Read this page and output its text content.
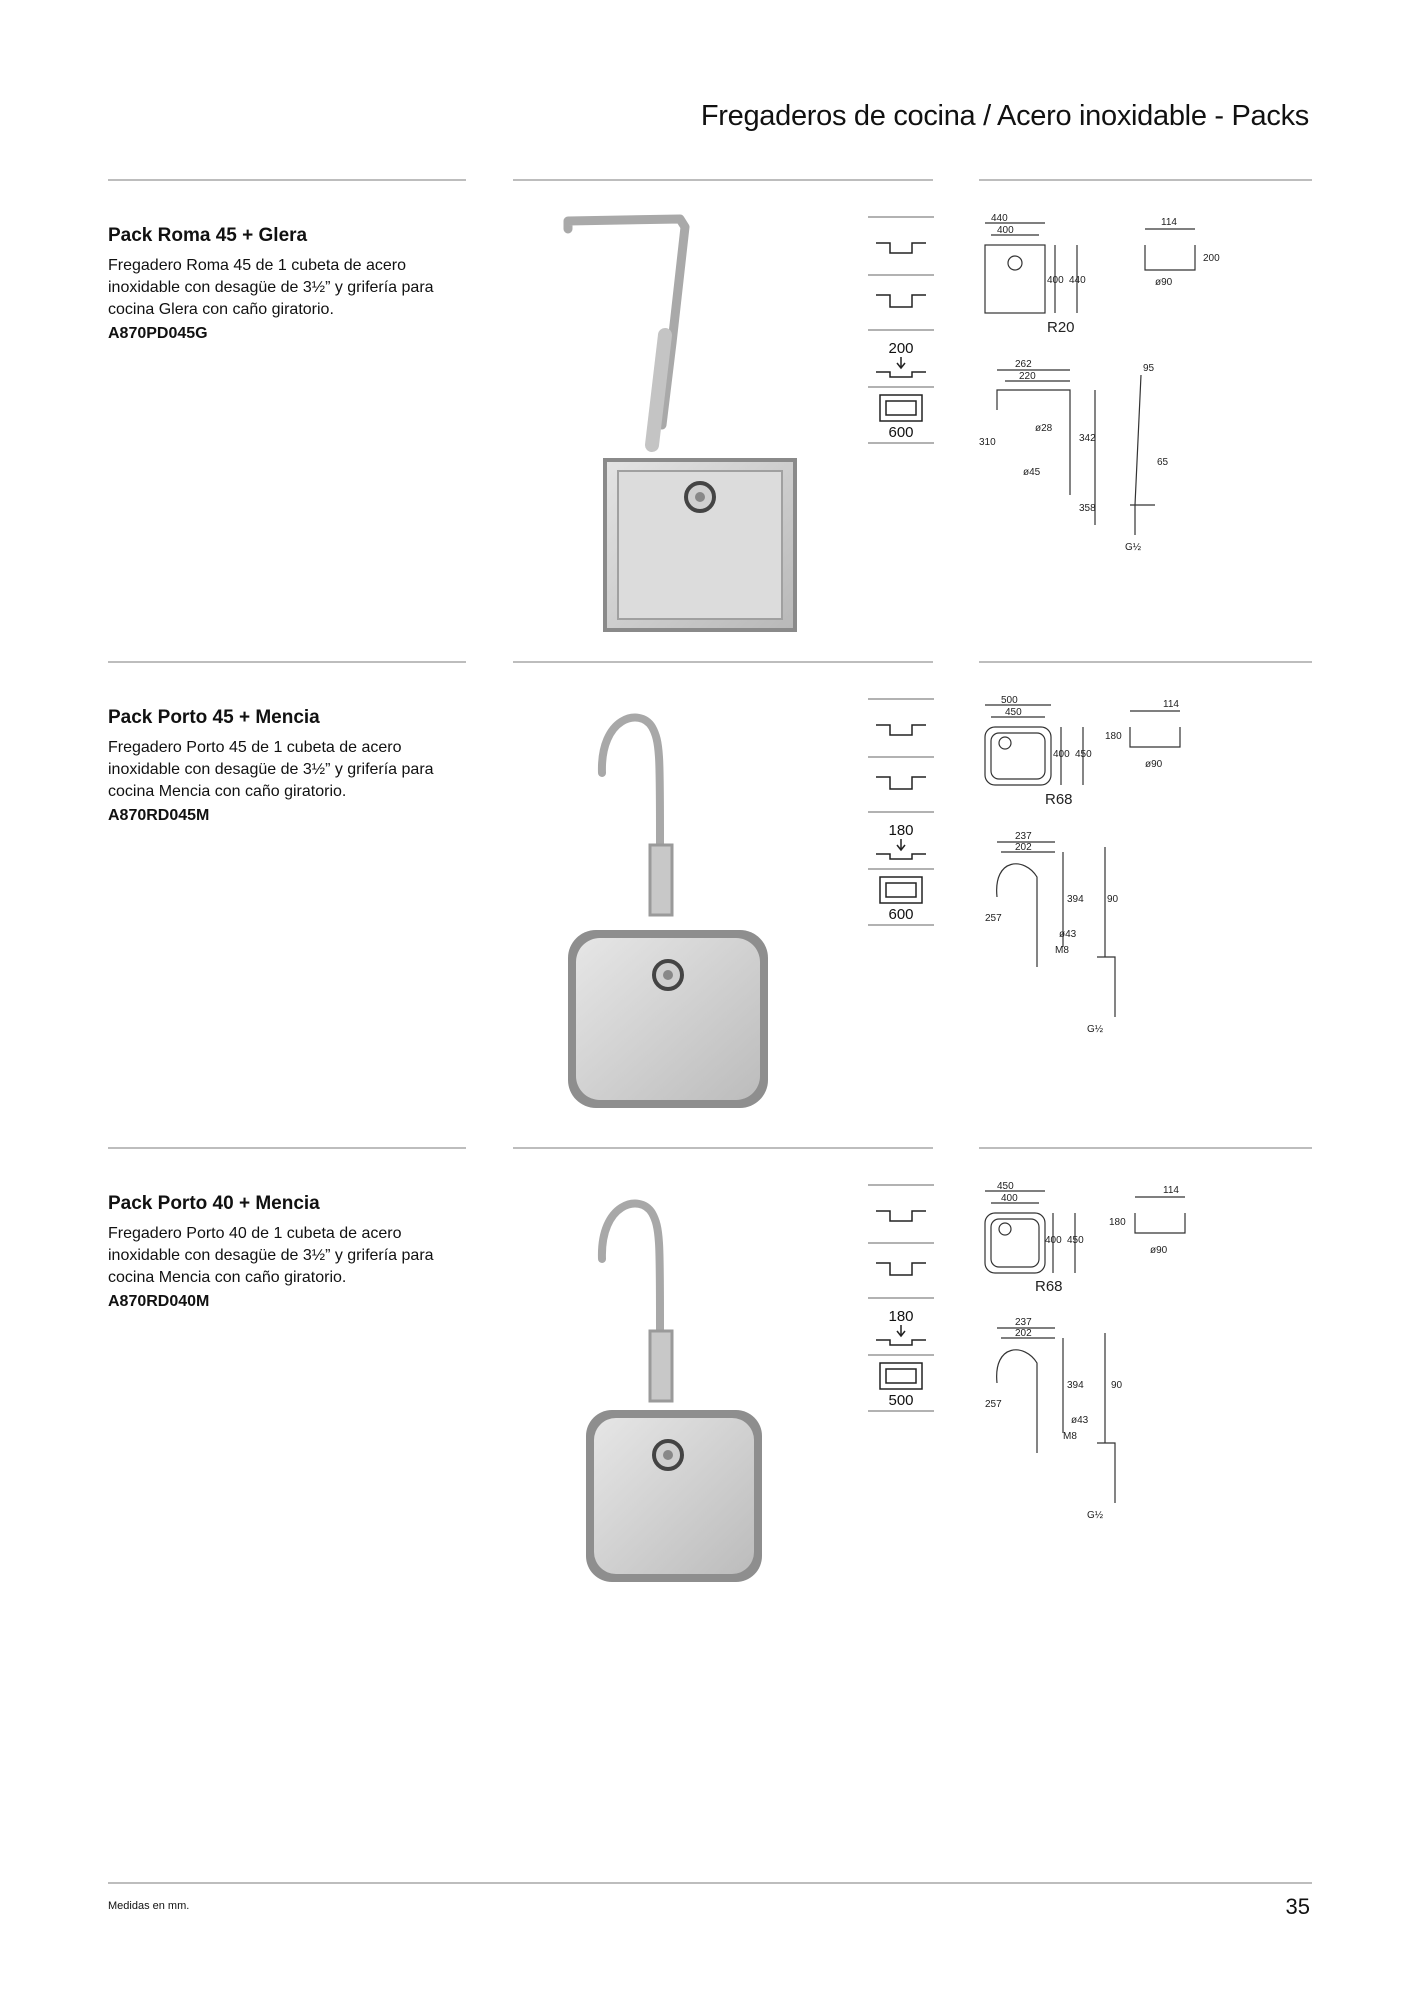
Fregaderos de cocina / Acero inoxidable - Packs
Pack Roma 45 + Glera
Fregadero Roma 45 de 1 cubeta de acero inoxidable con desagüe de 3½” y grifería para cocina Glera con caño giratorio.
A870PD045G
200
600
440
400
400 440
R20
114
200
ø90
262
220
310
ø28
342
ø45
358
95
65
G½
Pack Porto 45 + Mencia
Fregadero Porto 45 de 1 cubeta de acero inoxidable con desagüe de 3½” y grifería para cocina Mencia con caño giratorio.
A870RD045M
180
600
500
450
400 450
R68
114
180
ø90
237
202
394
257
ø43
M8
90
G½
Pack Porto 40 + Mencia
Fregadero Porto 40 de 1 cubeta de acero inoxidable con desagüe de 3½” y grifería para cocina Mencia con caño giratorio.
A870RD040M
180
500
450
400
400 450
R68
114
180
ø90
237
202
394
257
ø43
M8
90
G½
Medidas en mm.	35
